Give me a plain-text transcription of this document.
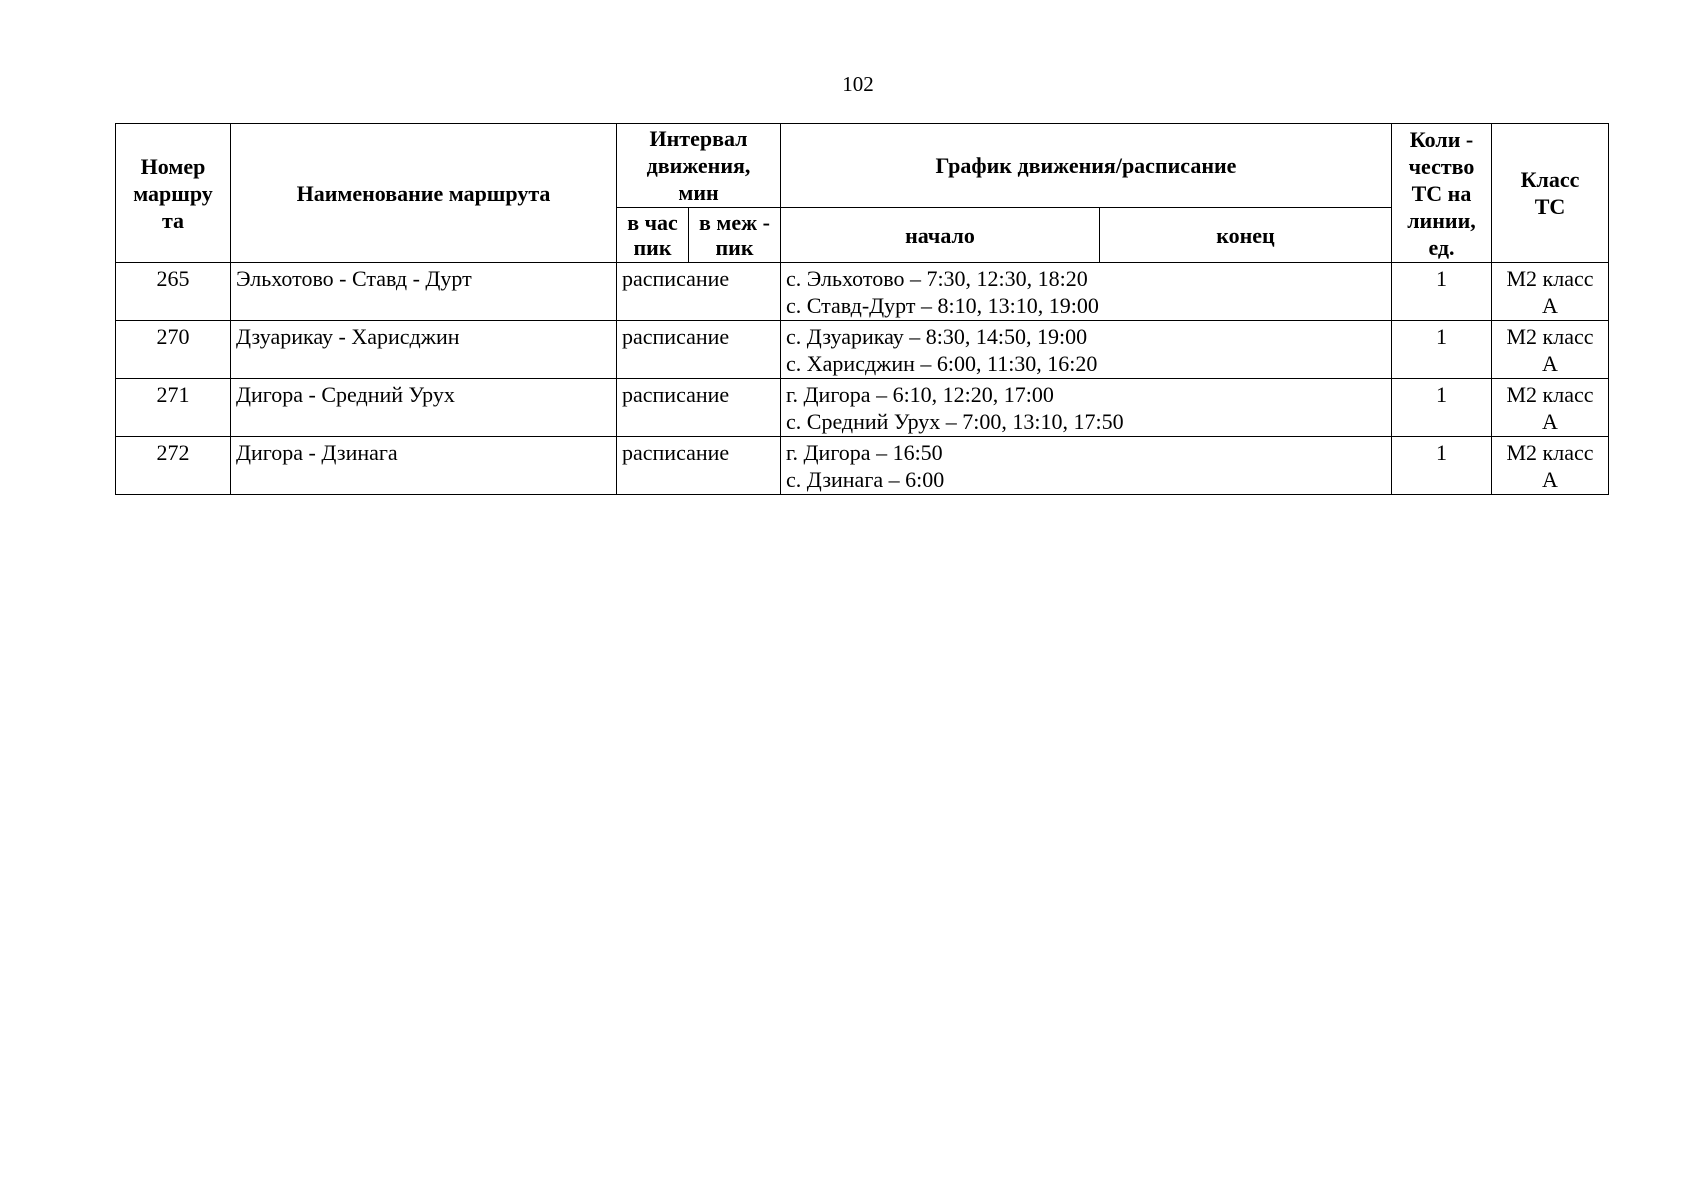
102
Номер
маршру
та	Наименование маршрута	Интервал
движения,
мин		График движения/расписание		Коли -
чество
ТС на
линии,
ед.	Класс
ТС

		в час
пик	в меж -
пик	начало	конец		
265	Эльхотово - Ставд - Дурт	расписание		с. Эльхотово – 7:30, 12:30, 18:20
с. Ставд-Дурт – 8:10, 13:10, 19:00		1	М2 класс
А

270	Дзуарикау - Харисджин	расписание		с. Дзуарикау – 8:30, 14:50, 19:00
с. Харисджин – 6:00, 11:30, 16:20		1	М2 класс
А

271	Дигора - Средний Урух	расписание		г. Дигора – 6:10, 12:20, 17:00
с. Средний Урух – 7:00, 13:10, 17:50		1	М2 класс
А

272	Дигора - Дзинага	расписание		г. Дигора – 16:50
с. Дзинага – 6:00		1	М2 класс
А
